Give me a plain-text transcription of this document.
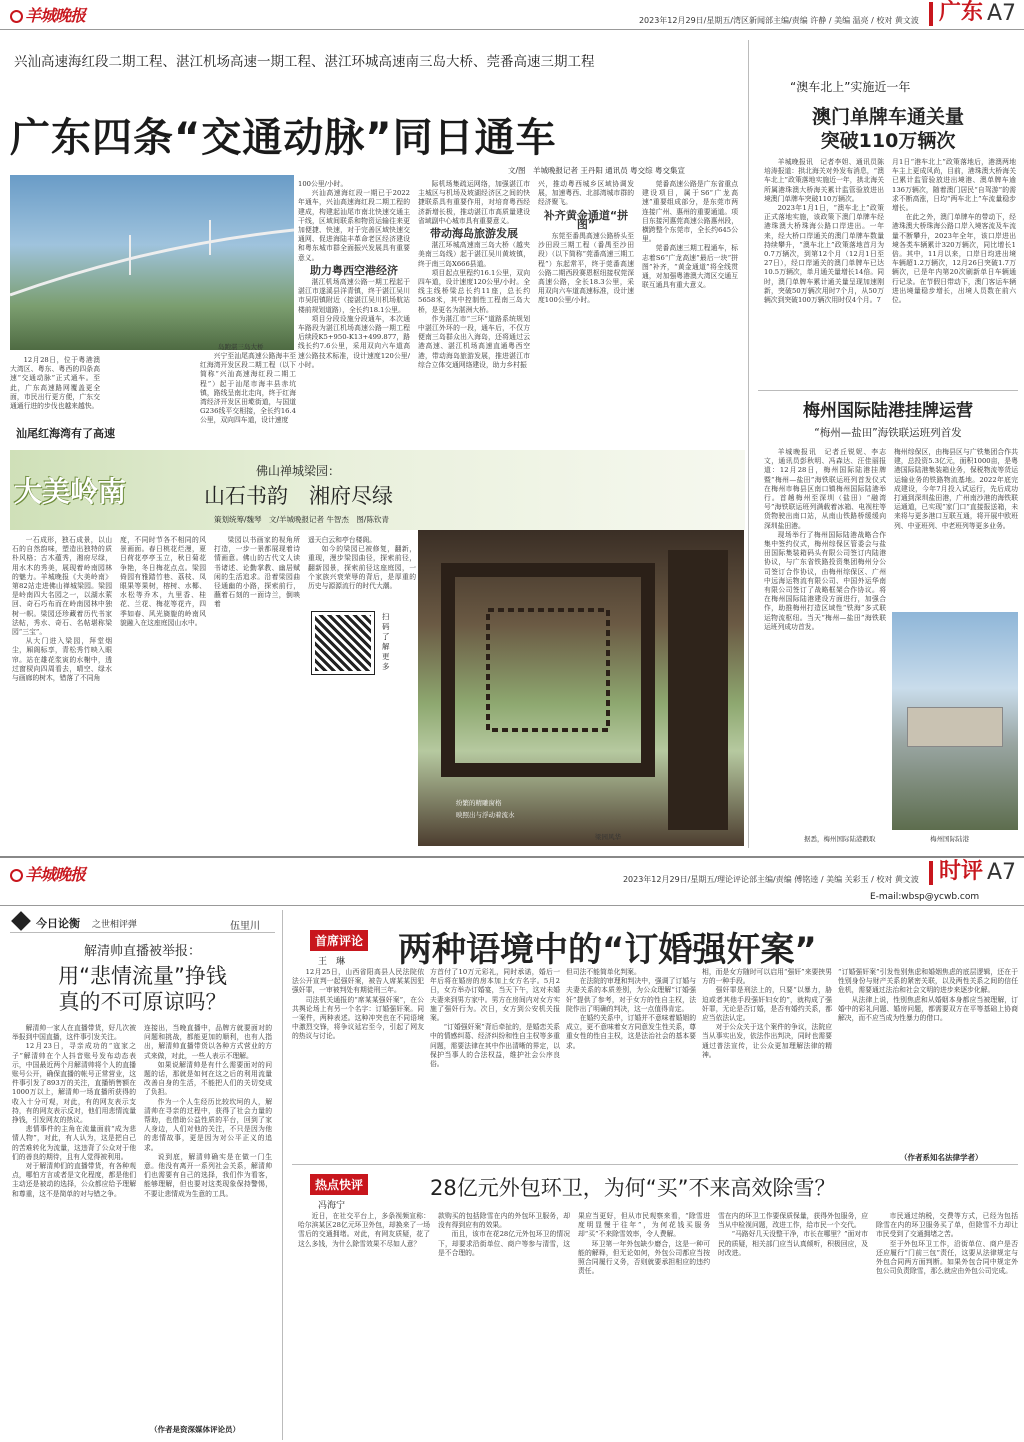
羊城晚报	2023年12月29日/星期五/湾区新闻部主编/责编 许静 / 美编 温亮 / 校对 黄文波 广东 A7
兴汕高速海红段二期工程、湛江机场高速一期工程、湛江环城高速南三岛大桥、莞番高速三期工程
广东四条“交通动脉”同日通车
文/图　羊城晚报记者 王丹阳 通讯员 粤交综 粤交集宣
岛跑湛三岛大桥

12月28日，位于粤港澳大湾区、粤东、粤西的四条高速“交通动脉”正式通车。至此，广东高速路网覆盖更全面，市民出行更方便，广东交通通行进的步伐也越来越快。

汕尾红海湾有了高速

兴宁至汕尾高速公路海丰至红海湾开发区段二期工程（以下简称“兴汕高速海红段二期工程”）起于汕尾市海丰县赤坑镇，路线呈南北走向，终于红海湾经济开发区田墘街道，与国道G236线平交相接，全长约16.4公里，双向四车道，设计速度

100公里/小时。

兴汕高速海红段一期已于2022年通车，兴汕高速海红段二期工程的建成，构建起汕尾市南北快速交通主干线，区域间联系和物资运输往来更加便捷、快速，对于完善区域快速交通网、促进海陆丰革命老区经济建设和粤东城市群全面振兴发展具有重要意义。

助力粤西空港经济

湛江机场高速公路一期工程起于湛江市遂溪县洋青镇，终于湛江吴川市吴阳镇附近（接湛江吴川机场航站楼前规划道路），全长约18.1公里。

项目分段设施分段通车，本次通车路段为湛江机场高速公路一期工程后续段K5+950-K13+499.877，路线长约7.6公里，采用双向六车道高速公路技术标准，设计速度120公里/小时。

际机场集疏运网络，加强湛江市主城区与机场及坡湖经济区之间的快捷联系具有重要作用，对培育粤西经济新增长极，推动湛江市高质量建设省域副中心城市具有重要意义。

带动海岛旅游发展

湛江环城高速南三岛大桥（越夹美南三岛线）起于湛江吴川黄坡镇，终于南三岛X666县道。

项目起点里程约16.1公里，双向四车道，设计速度120公里/小时。全线主线桥梁总长约11座，总长约5658米，其中控制性工程南三岛大桥，是更名为湛洲大桥。

作为湛江市“三环”道路系统规划中湛江外环的一段，通车后，不仅方便南三岛群众出入海岛，还将通过云港高速、湛江机场高速直通粤西空港，带动海岛旅游发展，推进湛江市综合立体交通网络建设，助力乡村振

兴，推动粤西城乡区域协调发展，加速粤西、北部湾城市群的经济聚飞。

补齐黄金通道“拼图”

东莞至番禺高速公路桥头至沙田段三期工程（番禺至沙田段）（以下简称“莞番高速三期工程”）东起常平，终于莞番高速公路二期西段赛恩枢纽接权莞深高速公路，全长18.3公里，采用双向六车道高速标准，设计速度100公里/小时。

莞番高速公路是广东省重点建设项目，属于S6“广龙高速”重要组成部分，是东莞市两连接广州、惠州的重要通道。项目东接河惠莞高速公路惠州段，横跨整个东莞市，全长约645公里。

莞番高速三期工程通车，标志着S6“广龙高速”最后一块“拼图”补齐，“黄金通道”将全线贯通，对加强粤港澳大湾区交通互联互通具有重大意义。

“澳车北上”实施近一年
澳门单牌车通关量
突破110万辆次

羊城晚报讯　记者李妲、通讯员陈培涛报道：拱北海关对外发布消息，“澳车北上”政策落地实施近一年，拱北海关所属港珠澳大桥海关累计监管验放进出境澳门单牌车突破110万辆次。

2023年1月1日，“澳车北上”政策正式落地实施，该政策下澳门单牌车经港珠澳大桥珠海公路口岸进出。一年来，经大桥口岸通关的澳门单牌车数量持续攀升，“澳车北上”政策落地首月为0.7万辆次，到第12个月（12月1日至27日），经口岸通关的澳门单牌车已达10.5万辆次，单月通关量增长14倍。同时，澳门单牌车累计通关量呈现加速刚新，突破50万辆次用时7个月，从50万辆次到突破100万辆次用时仅4个月。7

月1日“港车北上”政策落地后，港澳两地车主上更成风尚，目前，港珠澳大桥海关已累计监管验放进出境港、澳单牌车逾136万辆次，随着澳门居民“自驾游”的需求不断高涨，日均“两车北上”车流量稳步增长。

在此之外，澳门单牌车的带动下，经港珠澳大桥珠海公路口岸入境客流及车流量不断攀升，2023年全年，该口岸进出境各类车辆累计320万辆次，同比增长1倍。其中，11月以来，口岸日均进出境车辆超1.2万辆次，12月26日突破1.7万辆次，已是年内第20次刷新单日车辆通行记录。在节假日带动下，澳门客运车辆进出境量稳步增长，出境人员数在前六位。

梅州国际陆港挂牌运营
“梅州—盐田”海铁联运班列首发

羊城晚报讯　记者丘锐妮、李志文，通讯员彭秋明、冯森达、汪佳丽报道：12月28日，梅州国际陆港挂牌暨“梅州—盐田”海铁联运班列首发仪式在梅州市梅县区南口镇梅州国际陆港举行。首趟梅州至深圳（盐田）“融湾号”海铁联运班列满载着冰箱、电视柱等货物驶出南口站，从南山铁路桥缓缓向深圳盐田港。

现场举行了梅州国际陆港战略合作集中签约仪式，梅州综保区管委会与盐田国际集装箱码头有限公司签订内陆港协议，与广东省铁路投资集团梅州分公司签订合作协议，由梅州综保区、广州中远海运物流有限公司、中国外运华南有限公司签订了战略框架合作协议。将在梅州国际陆港建设方面进行，加强合作，助推梅州打造区域性“铁海”多式联运物流枢纽。当天“梅州—盐田”海铁联运班列成功首发。

梅州综保区，由梅县区与广铁集团合作共建，总投资5.3亿元，面积1000亩，是粤港国际陆港集装箱业务，保税物流等货运运输业务的铁路物流基地。2022年底完成建设，今年7月投入试运行，先后成功打通到深圳盐田港，广州南沙港的海铁联运通道，已实现“家门口”直接报送箱，未来将与更多港口互联互通，将开展中欧班列、中亚班列、中老班列等更多业务。

梅州国际陆港
据悉，梅州国际陆港戳取
大美岭南
佛山禅城梁园：
山石书韵　湘府尽绿
策划统筹/魏琴　文/羊城晚报记者 牛智杰　图/陈钦青

一石成形，独石成景，以山石的自然韵味，塑造出独特的质朴风格；古木蕴秀，湘府尽绿，用水木的秀美，展现着岭南园林的魅力。羊城晚报《大美岭南》第82站走进佛山禅城梁园。梁园是岭南四大名园之一，以湖水萦回、奇石巧布而在岭南园林中独树一帜。梁园还珍藏着历代书家法帖，秀水、奇石、名帖堪称梁园“三宝”。

从大门进入梁园，拜堂烟尘，厢阁标享，青松秀竹映入眼帘。站在雄花浆寅的水榭中，透过窗棂向四周看去，晴空、绿水与画廊的树木，错落了不同角

度，不同时节各不相同的风景画面。春日桃花烂漫，夏日荷花亭亭玉立，秋日菊花争艳，冬日梅花点点。梁园倚园有雅踏竹巷、荔枝、凤眼果等果树，榕树、水椰、水松等乔木，九里香、桂花、兰花、梅花等花卉，四季如春、风光旖旎的岭南风貌融入在这座庭园山水中。

梁园以书画家的视角所打造，一步一景都展现着诗情画意。佛山的古代文人读书诸述、论勤掌教、幽居赋闲的生活追求。沿着梁园曲径通幽的小路，探索前行，蘸着石刻的一面诗兰，倒映着

遥天白云和亭台楼阁。

如今的梁园已被修复，翻新，重现，漫步梁园曲径，探索前径，翻新园景，探索前径这座庭园，一个家族兴衰荣辱的背后，是厚重的历史与源源流行的时代大潮。

扫码了解更多
纷繁的精雕窗格
映照出与浮动着流水
梁园风华
羊城晚报	2023年12月29日/星期五/理论评论部主编/责编 傅铭逵 / 美编 关彩玉 / 校对 黄文波 时评 A7
E-mail:wbsp@ycwb.com
今日论衡 之世相评弹	伍里川
解清帅直播被举报：
用“悲情流量”挣钱
真的不可原谅吗？

解清帅一家人在直播带货，好几次被举报到中国直播，这件事引发关注。

12月23日，寻亲成功的“寇家之子”解清帅在个人抖音账号发布动态表示，中国最近两个月解清帅将个人的直播账号公开，确保直播的帐号正常营业，这件事引发了893万的关注，直播销售额在1000万以上，解清帅一场直播所获得的收入十分可观，对此，有的网友表示支持，有的网友表示反对，他们用悲情流量挣钱，引发网友的热议。

悲情事件的主角在流量面前“成为悲情人物”，对此，有人认为，这是把自己的苦难转化为流量，这违背了公众对于他们的善良的期待，且有人觉得被利用。

对于解清帅们的直播带货，有各种观点，哪怕方言或者是文化程度，都是他们主动还是被动的选择，公众都应给予理解和尊重，这不是简单的对与错之争。

连接出，当晚直播中，品牌方就要面对的问题和挑战，都能更加的顺利，也有人指出，解清帅直播带货以各种方式营业的方式来做，对此，一些人表示不理解。

如果说解清帅是有什么需要面对的问题的话，那就是如何在这之后的利用流量改善自身的生活，不能把人们的关切变成了负担。

作为一个人生经历比较坎坷的人，解清帅在寻亲的过程中，获得了社会力量的帮助，也借助公益性质的平台，回到了家人身边，人们对他的关注，不只是因为他的悲情故事，更是因为对公平正义的追求。

说到底，解清帅确实是在做一门生意。他没有离开一系列社会关系，解清帅们也需要有自己的选择，我们作为看客，能够理解，但也要对这类现象保持警惕，不要让悲情成为生意的工具。

（作者是资深媒体评论员）
首席评论
王　琳 两种语境中的“订婚强奸案”

12月25日，山西省阳高县人民法院依法公开宣判一起强奸案，被告人席某某因犯强奸罪，一审被判处有期徒刑三年。

司法机关通报的“席某某强奸案”，在公共舆论场上有另一个名字：订婚强奸案。同一案件，两种表述。这种冲突也在不同语境中激烈交锋，将争议延宕至今，引起了网友的热议与讨论。

方首付了10万元彩礼，同时承诺，婚后一年后将在婚房的房本加上女方名字。5月2日，女方举办订婚宴，当天下午，这对未婚夫妻来到男方家中。男方在房间内对女方实施了强奸行为。次日，女方到公安机关报案。

“订婚强奸案”背后牵扯的，是婚恋关系中的情感纠葛、经济纠纷和性自主权等多重问题，需要法律在其中作出清晰的界定，以保护当事人的合法权益，维护社会公序良俗。

但司法不能简单化判案。

在法院的审理和判决中，强调了订婚与夫妻关系的本质差别，为公众理解“订婚强奸”提供了参考，对于女方的性自主权，法院作出了明确的判决，这一点值得肯定。

在婚约关系中，订婚并不意味着婚姻的成立，更不意味着女方同意发生性关系，尊重女性的性自主权，这是法治社会的基本要求。

相，而是女方随时可以启用“强奸”来要挟男方的一种手段。

强奸罪是刑法上的，只要“以暴力，胁迫或者其他手段强奸妇女的”，就构成了强奸罪，无论是否订婚，是否有婚约关系，都应当依法认定。

对于公众关于这个案件的争议，法院应当从事实出发，依法作出判决，同时也需要通过普法宣传，让公众更加理解法律的精神。

“订婚强奸案”引发性别焦虑和婚姻焦虑的底层逻辑，还在于性别身份与财产关系的紧密关联，以及两性关系之间的信任危机，需要通过法治和社会文明的进步来逐步化解。

从法律上说，性别焦虑和从婚姻本身都应当被理解，订婚中的彩礼问题、婚房问题，都需要双方在平等基础上协商解决，而不应当成为性暴力的借口。

（作者系知名法律学者）
热点快评
冯海宁
28亿元外包环卫，为何“买”不来高效除雪？

近日，在社交平台上，多条视频宣称：哈尔滨某区28亿元环卫外包，却换来了一场雪后的交通拥堵。对此，有网友质疑，花了这么多钱，为什么除雪效果不尽如人意？

款购买的包括除雪在内的外包环卫服务，却没有得到应有的效果。

而且，该市在花28亿元外包环卫的情况下，却要求沿街单位、商户等参与清雪，这是不合理的。

果应当更好，但从市民观察来看，“除雪进度明显慢于往年”，为何花钱买服务却“买”不来除雪效率，令人费解。

环卫第一年外包缺少磨合，这是一种可能的解释，但无论如何，外包公司都应当按照合同履行义务，否则就要承担相应的违约责任。

雪在内的环卫工作要保质保量，获得外包服务，应当从中检视问题，改进工作，给市民一个交代。

“马路好几天没整干净，市长在哪里？”面对市民的质疑，相关部门应当认真倾听，积极回应，及时改进。

市民通过纳税，交费等方式，已经为包括除雪在内的环卫服务买了单，但除雪不力却让市民受到了交通拥堵之苦。

至于外包环卫工作，沿街单位、商户是否还应履行“门前三包”责任，这要从法律规定与外包合同两方面判断。如果外包合同中规定外包公司负责除雪，那么就应由外包公司完成。
